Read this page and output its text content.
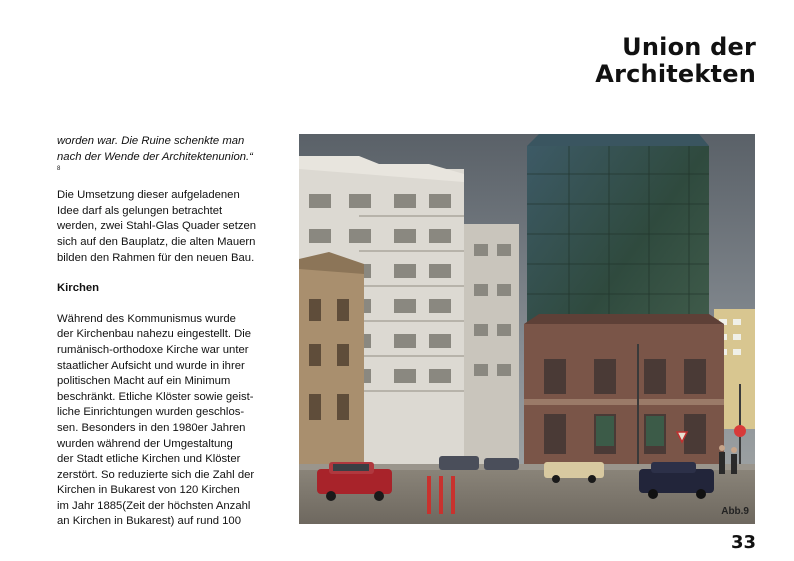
Union der
Architekten
worden war. Die Ruine schenkte man
nach der Wende der Architektenunion.“
8
Die Umsetzung dieser aufgeladenen
Idee darf als gelungen betrachtet
werden, zwei Stahl-Glas Quader setzen
sich auf den Bauplatz, die alten Mauern
bilden den Rahmen für den neuen Bau.
Kirchen
Während des Kommunismus wurde
der Kirchenbau nahezu eingestellt. Die
rumänisch-orthodoxe Kirche war unter
staatlicher Aufsicht und wurde in ihrer
politischen Macht auf ein Minimum
beschränkt. Etliche Klöster sowie geist-
liche Einrichtungen wurden geschlos-
sen. Besonders in den 1980er Jahren
wurden während der Umgestaltung
der Stadt etliche Kirchen und Klöster
zerstört. So reduzierte sich die Zahl der
Kirchen in Bukarest von 120 Kirchen
im Jahr 1885(Zeit der höchsten Anzahl
an Kirchen in Bukarest) auf rund 100
Abb.9
33
